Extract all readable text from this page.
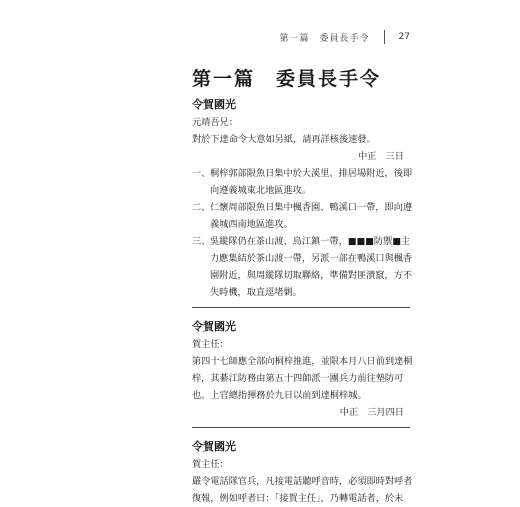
第一篇　委員長手令	27
第一篇　委員長手令

令賀國光

元靖吾兄：

對於下達命令大意如另紙，請再詳核後速發。

中正　三日

一、 桐梓郭部限魚日集中於大溪里、排居場附近，後即

向遵義城東北地區進攻。

二、 仁懷周部限魚日集中楓香園、鴨溪口一帶，即向遵

義城西南地區進攻。

三、 吳縱隊仍在茶山渡、烏江鎮一帶，■■■防禦■主

力應集結於茶山渡一帶，另派一部在鴨溪口與楓香

園附近，與周縱隊切取聯絡，準備對匪潰竄，方不

失時機，取直逕堵剿。

令賀國光

賀主任：

第四十七師應全部向桐梓推進，並限本月八日前到達桐

梓，其綦江防務由第五十四師派一團兵力前往墊防可

也。上官總指揮務於九日以前到達桐梓城。

中正　三月四日

令賀國光

賀主任：

嚴令電話隊官兵，凡接電話聽呼音時，必須即時對呼者

復報，例如呼者曰：「接賀主任」，乃轉電話者，於未
